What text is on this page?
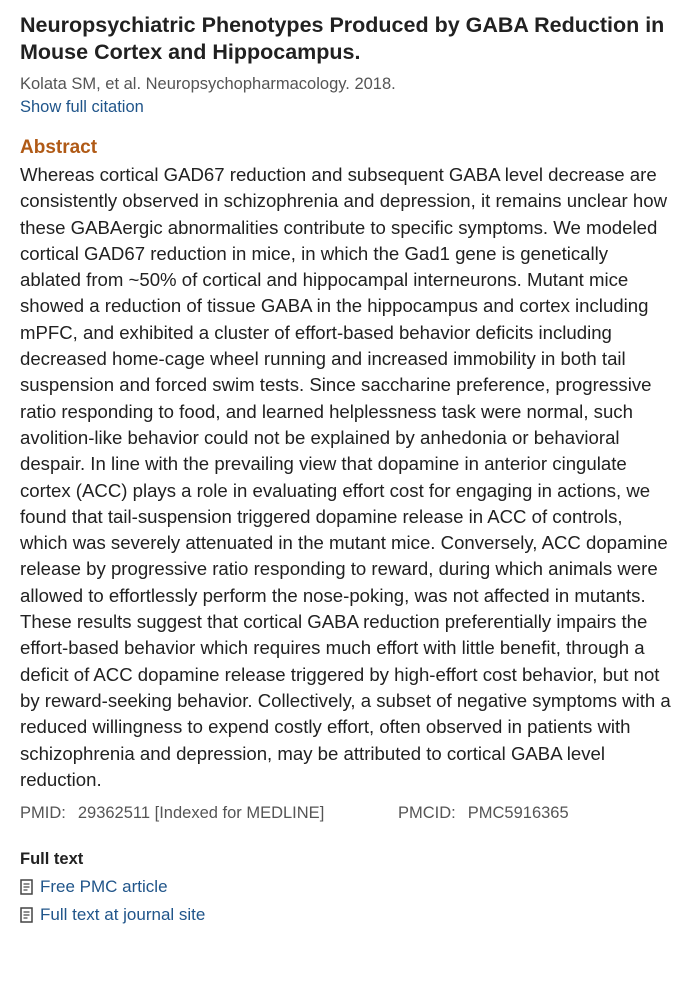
Neuropsychiatric Phenotypes Produced by GABA Reduction in Mouse Cortex and Hippocampus.
Kolata SM, et al. Neuropsychopharmacology. 2018.
Show full citation
Abstract
Whereas cortical GAD67 reduction and subsequent GABA level decrease are consistently observed in schizophrenia and depression, it remains unclear how these GABAergic abnormalities contribute to specific symptoms. We modeled cortical GAD67 reduction in mice, in which the Gad1 gene is genetically ablated from ~50% of cortical and hippocampal interneurons. Mutant mice showed a reduction of tissue GABA in the hippocampus and cortex including mPFC, and exhibited a cluster of effort-based behavior deficits including decreased home-cage wheel running and increased immobility in both tail suspension and forced swim tests. Since saccharine preference, progressive ratio responding to food, and learned helplessness task were normal, such avolition-like behavior could not be explained by anhedonia or behavioral despair. In line with the prevailing view that dopamine in anterior cingulate cortex (ACC) plays a role in evaluating effort cost for engaging in actions, we found that tail-suspension triggered dopamine release in ACC of controls, which was severely attenuated in the mutant mice. Conversely, ACC dopamine release by progressive ratio responding to reward, during which animals were allowed to effortlessly perform the nose-poking, was not affected in mutants. These results suggest that cortical GABA reduction preferentially impairs the effort-based behavior which requires much effort with little benefit, through a deficit of ACC dopamine release triggered by high-effort cost behavior, but not by reward-seeking behavior. Collectively, a subset of negative symptoms with a reduced willingness to expend costly effort, often observed in patients with schizophrenia and depression, may be attributed to cortical GABA level reduction.
PMID: 29362511 [Indexed for MEDLINE]	PMCID: PMC5916365
Full text
Free PMC article
Full text at journal site
